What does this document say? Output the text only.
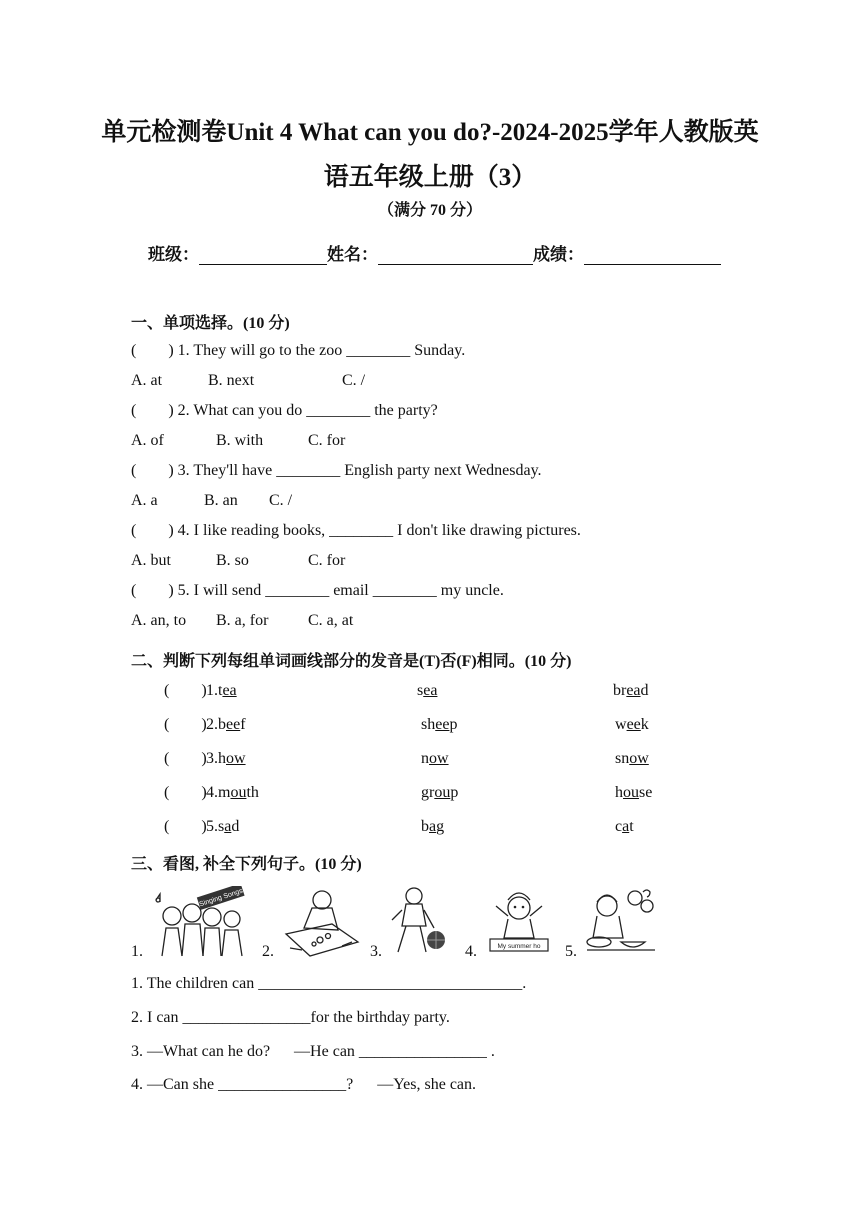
单元检测卷Unit 4 What can you do?-2024-2025学年人教版英
语五年级上册（3）
（满分 70 分）
班级：	姓名：	成绩：
一、单项选择。(10 分)
(        ) 1. They will go to the zoo ________ Sunday.
A. at	B. next	C. /
(        ) 2. What can you do ________ the party?
A. of	B. with	C. for
(        ) 3. They'll have ________ English party next Wednesday.
A. a	B. an C. /
(        ) 4. I like reading books, ________ I don't like drawing pictures.
A. but	B. so	C. for
(        ) 5. I will send ________ email ________ my uncle.
A. an, to B. a, for C. a, at
二、判断下列每组单词画线部分的发音是(T)否(F)相同。(10 分)
(        ) 1.tea	sea	bread
(        ) 2.beef	sheep	week
(        ) 3.how	now	snow
(        ) 4.mouth	group	house
(        ) 5.sad	bag	cat
三、看图, 补全下列句子。(10 分)
1.	2.	3.	4.	5.
Singing Songs
My summer ho
1. The children can _________________________________.
2. I can ________________for the birthday party.
3. —What can he do?      —He can ________________ .
4. —Can she ________________?      —Yes, she can.
